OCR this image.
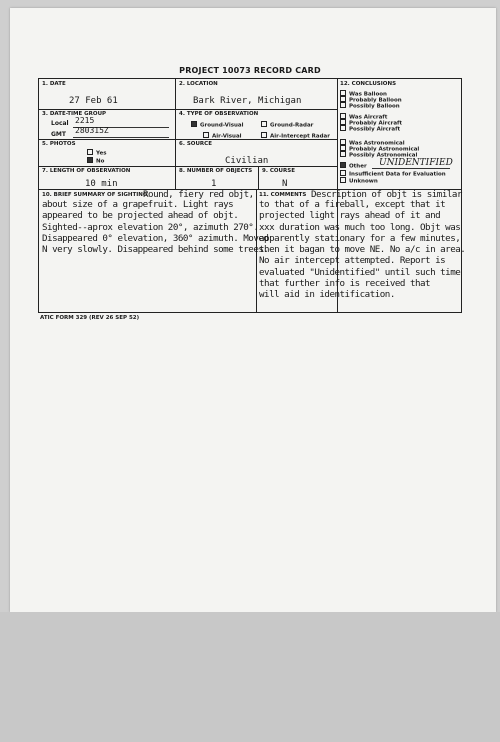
PROJECT 10073 RECORD CARD
1. DATE
27 Feb 61
2. LOCATION
Bark River, Michigan
3. DATE-TIME GROUP
Local 2215
GMT 280315Z
4. TYPE OF OBSERVATION
Ground-Visual	Ground-Radar
Air-Visual	Air-Intercept Radar
5. PHOTOS
Yes
No
6. SOURCE
Civilian
7. LENGTH OF OBSERVATION
10 min
8. NUMBER OF OBJECTS
1
9. COURSE
N
10. BRIEF SUMMARY OF SIGHTING
Round, fiery red objt,
about size of a grapefruit. Light rays
appeared to be projected ahead of objt.
Sighted--aprox elevation 20°, azimuth 270°.
Disappeared 0° elevation, 360° azimuth. Moved
N very slowly. Disappeared behind some trees.
11. COMMENTS Description of objt is similar
to that of a fireball, except that it
projected light rays ahead of it and
xxx duration was much too long. Objt was
apparently stationary for a few minutes,
then it bagan to move NE. No a/c in area.
No air intercept attempted. Report is
evaluated "Unidentified" until such time
that further info is received that
will aid in identification.
12. CONCLUSIONS
Was Balloon
Probably Balloon
Possibly Balloon
Was Aircraft
Probably Aircraft
Possibly Aircraft
Was Astronomical
Probably Astronomical
Possibly Astronomical
Other UNIDENTIFIED
Insufficient Data for Evaluation
Unknown
ATIC FORM 329 (REV 26 SEP 52)
